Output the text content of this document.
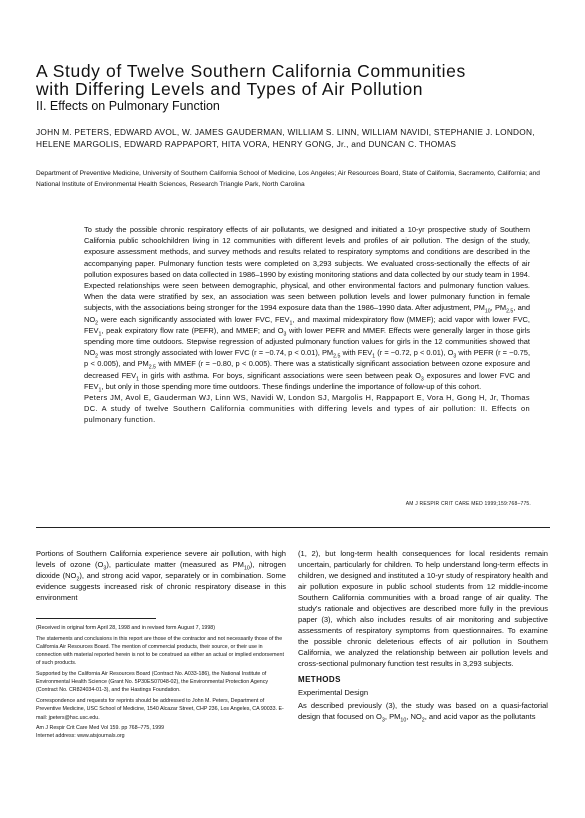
A Study of Twelve Southern California Communities
with Differing Levels and Types of Air Pollution
II. Effects on Pulmonary Function
JOHN M. PETERS, EDWARD AVOL, W. JAMES GAUDERMAN, WILLIAM S. LINN, WILLIAM NAVIDI, STEPHANIE J. LONDON, HELENE MARGOLIS, EDWARD RAPPAPORT, HITA VORA, HENRY GONG, Jr., and DUNCAN C. THOMAS
Department of Preventive Medicine, University of Southern California School of Medicine, Los Angeles; Air Resources Board, State of California, Sacramento, California; and National Institute of Environmental Health Sciences, Research Triangle Park, North Carolina

To study the possible chronic respiratory effects of air pollutants, we designed and initiated a 10-yr prospective study of Southern California public schoolchildren living in 12 communities with different levels and profiles of air pollution. The design of the study, exposure assessment methods, and survey methods and results related to respiratory symptoms and conditions are described in the accompanying paper. Pulmonary function tests were completed on 3,293 subjects. We evaluated cross-sectionally the effects of air pollution exposures based on data collected in 1986–1990 by existing monitoring stations and data collected by our study team in 1994. Expected relationships were seen between demographic, physical, and other environmental factors and pulmonary function values. When the data were stratified by sex, an association was seen between pollution levels and lower pulmonary function in female subjects, with the associations being stronger for the 1994 exposure data than the 1986–1990 data. After adjustment, $PM_{10}$, $PM_{2.5}$, and $NO_2$ were each significantly associated with lower FVC, $FEV_1$, and maximal midexpiratory flow (MMEF); acid vapor with lower FVC, $FEV_1$, peak expiratory flow rate (PEFR), and MMEF; and $O_3$ with lower PEFR and MMEF. Effects were generally larger in those girls spending more time outdoors. Stepwise regression of adjusted pulmonary function values for girls in the 12 communities showed that $NO_2$ was most strongly associated with lower FVC (r = −0.74, p < 0.01), $PM_{2.5}$ with $FEV_1$ (r = −0.72, p < 0.01), $O_3$ with PEFR (r = −0.75, p < 0.005), and $PM_{2.5}$ with MMEF (r = −0.80, p < 0.005). There was a statistically significant association between ozone exposure and decreased $FEV_1$ in girls with asthma. For boys, significant associations were seen between peak $O_3$ exposures and lower FVC and $FEV_1$, but only in those spending more time outdoors. These findings underline the importance of follow-up of this cohort.

Peters JM, Avol E, Gauderman WJ, Linn WS, Navidi W, London SJ, Margolis H, Rappaport E, Vora H, Gong H, Jr, Thomas DC. A study of twelve Southern California communities with differing levels and types of air pollution: II. Effects on pulmonary function.

AM J RESPIR CRIT CARE MED 1999;159:768–775.

Portions of Southern California experience severe air pollution, with high levels of ozone $(O_3)$, particulate matter (measured as $PM_{10}$), nitrogen dioxide $(NO_2)$, and strong acid vapor, separately or in combination. Some evidence suggests increased risk of chronic respiratory disease in this environment

(Received in original form April 28, 1998 and in revised form August 7, 1998)

The statements and conclusions in this report are those of the contractor and not necessarily those of the California Air Resources Board. The mention of commercial products, their source, or their use in connection with material reported herein is not to be construed as either an actual or implied endorsement of such products.

Supported by the California Air Resources Board (Contract No. A033-186), the National Institute of Environmental Health Science (Grant No. 5P30ES07048-02), the Environmental Protection Agency (Contract No. CR824034-01-3), and the Hastings Foundation.

Correspondence and requests for reprints should be addressed to John M. Peters, Department of Preventive Medicine, USC School of Medicine, 1540 Alcazar Street, CHP 236, Los Angeles, CA 90033. E-mail: jpeters@hsc.usc.edu.

Am J Respir Crit Care Med Vol 159. pp 768–775, 1999

Internet address: www.atsjournals.org

(1, 2), but long-term health consequences for local residents remain uncertain, particularly for children. To help understand long-term effects in children, we designed and instituted a 10-yr study of respiratory health and air pollution exposure in public school students from 12 middle-income Southern California communities with a broad range of air quality. The study's rationale and objectives are described more fully in the previous paper (3), which also includes results of air monitoring and subjective assessments of respiratory symptoms from questionnaires. To examine the possible chronic deleterious effects of air pollution in Southern California, we analyzed the relationship between air pollution levels and cross-sectional pulmonary function test results in 3,293 subjects.

METHODS
Experimental Design

As described previously (3), the study was based on a quasi-factorial design that focused on $O_3$, $PM_{10}$, $NO_2$, and acid vapor as the pollutants
